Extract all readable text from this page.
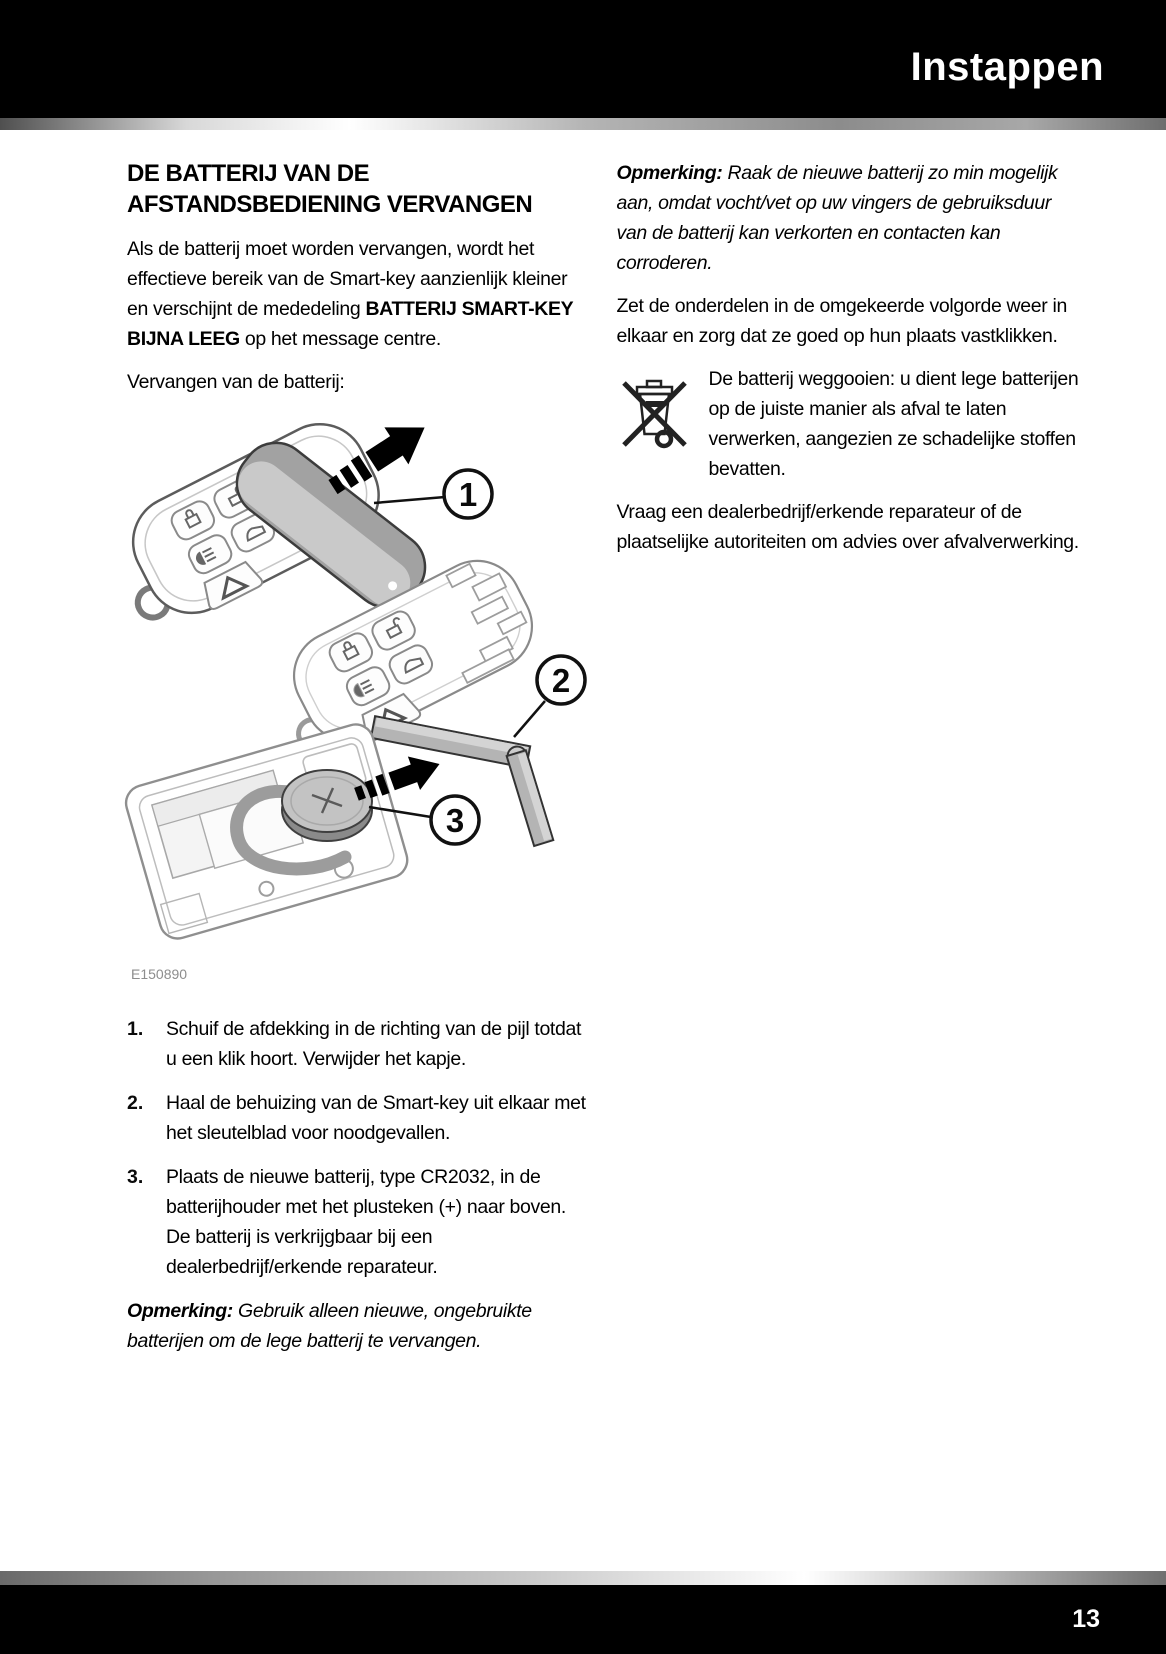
Instappen
DE BATTERIJ VAN DE AFSTANDSBEDIENING VERVANGEN

Als de batterij moet worden vervangen, wordt het effectieve bereik van de Smart-key aanzienlijk kleiner en verschijnt de mededeling BATTERIJ SMART-KEY BIJNA LEEG op het message centre.

Vervangen van de batterij:

1
2
3
E150890
1.	Schuif de afdekking in de richting van de pijl totdat u een klik hoort. Verwijder het kapje.
2.	Haal de behuizing van de Smart-key uit elkaar met het sleutelblad voor noodgevallen.
3.	Plaats de nieuwe batterij, type CR2032, in de batterijhouder met het plusteken (+) naar boven. De batterij is verkrijgbaar bij een dealerbedrijf/erkende reparateur.

Opmerking: Gebruik alleen nieuwe, ongebruikte batterijen om de lege batterij te vervangen.

Opmerking: Raak de nieuwe batterij zo min mogelijk aan, omdat vocht/vet op uw vingers de gebruiksduur van de batterij kan verkorten en contacten kan corroderen.

Zet de onderdelen in de omgekeerde volgorde weer in elkaar en zorg dat ze goed op hun plaats vastklikken.

De batterij weggooien: u dient lege batterijen op de juiste manier als afval te laten verwerken, aangezien ze schadelijke stoffen bevatten.

Vraag een dealerbedrijf/erkende reparateur of de plaatselijke autoriteiten om advies over afvalverwerking.

13
